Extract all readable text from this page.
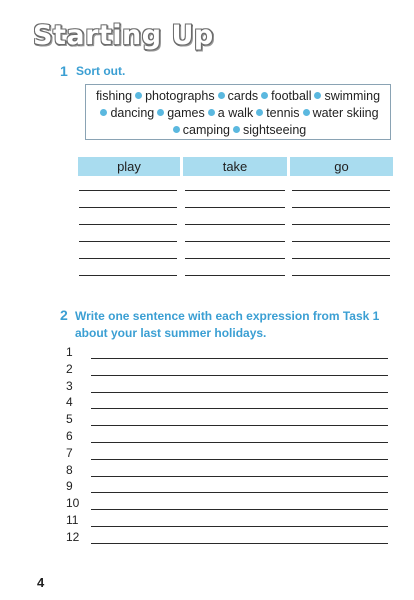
Starting Up
1 Sort out.
fishing photographs cards football swimming
dancing games a walk tennis water skiing
camping sightseeing
play	take	go
2 Write one sentence with each expression from Task 1
about your last summer holidays.
1
2
3
4
5
6
7
8
9
10
11
12
4
